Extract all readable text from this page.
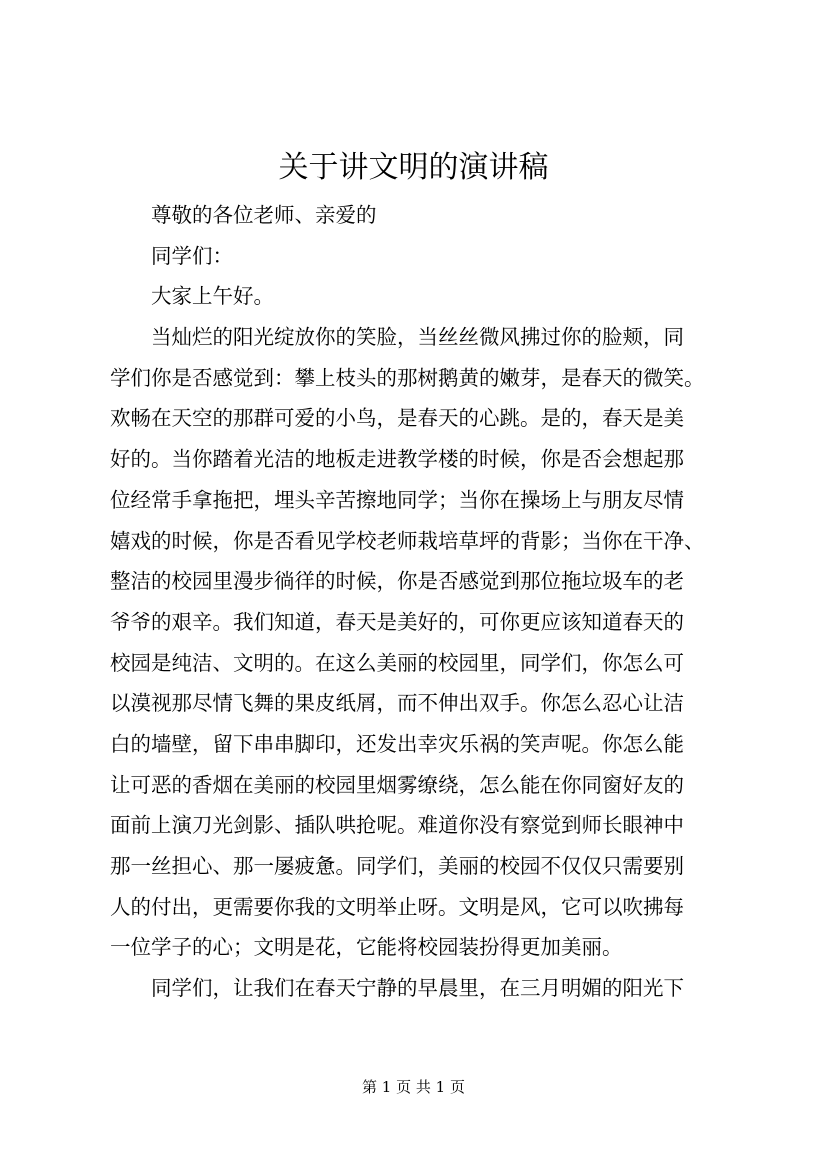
关于讲文明的演讲稿
尊敬的各位老师、亲爱的
同学们：
大家上午好。
当灿烂的阳光绽放你的笑脸，当丝丝微风拂过你的脸颊，同
学们你是否感觉到：攀上枝头的那树鹅黄的嫩芽，是春天的微笑。
欢畅在天空的那群可爱的小鸟，是春天的心跳。是的，春天是美
好的。当你踏着光洁的地板走进教学楼的时候，你是否会想起那
位经常手拿拖把，埋头辛苦擦地同学；当你在操场上与朋友尽情
嬉戏的时候，你是否看见学校老师栽培草坪的背影；当你在干净、
整洁的校园里漫步徜徉的时候，你是否感觉到那位拖垃圾车的老
爷爷的艰辛。我们知道，春天是美好的，可你更应该知道春天的
校园是纯洁、文明的。在这么美丽的校园里，同学们，你怎么可
以漠视那尽情飞舞的果皮纸屑，而不伸出双手。你怎么忍心让洁
白的墙壁，留下串串脚印，还发出幸灾乐祸的笑声呢。你怎么能
让可恶的香烟在美丽的校园里烟雾缭绕，怎么能在你同窗好友的
面前上演刀光剑影、插队哄抢呢。难道你没有察觉到师长眼神中
那一丝担心、那一屡疲惫。同学们，美丽的校园不仅仅只需要别
人的付出，更需要你我的文明举止呀。文明是风，它可以吹拂每
一位学子的心；文明是花，它能将校园装扮得更加美丽。
同学们，让我们在春天宁静的早晨里，在三月明媚的阳光下
第 1 页 共 1 页
